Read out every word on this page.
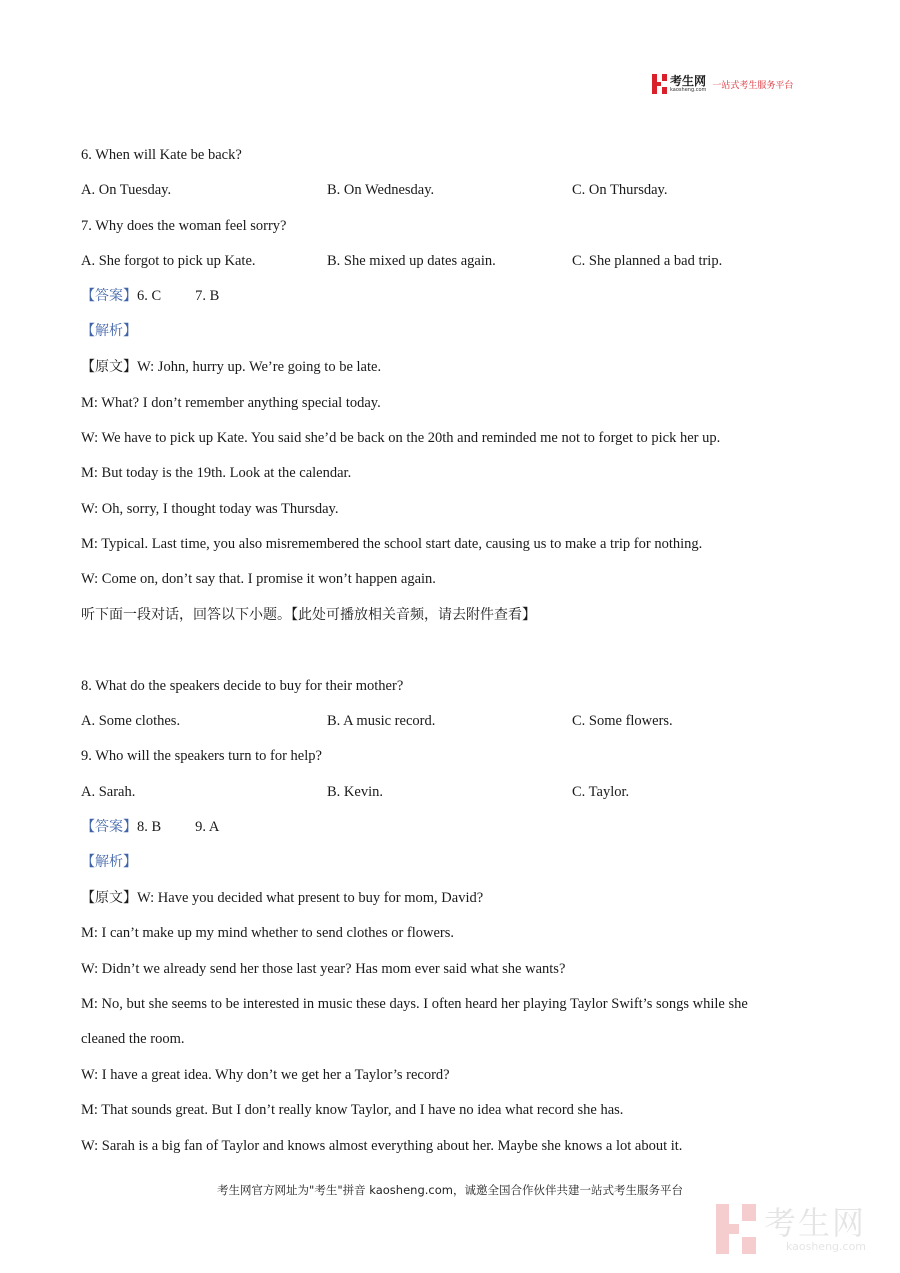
考生网
kaosheng.com 一站式考生服务平台
6. When will Kate be back?
A. On Tuesday.	B. On Wednesday.	C. On Thursday.
7. Why does the woman feel sorry?
A. She forgot to pick up Kate.	B. She mixed up dates again.	C. She planned a bad trip.
【答案】6. C 7. B
【解析】
【原文】W: John, hurry up. We’re going to be late.
M: What? I don’t remember anything special today.
W: We have to pick up Kate. You said she’d be back on the 20th and reminded me not to forget to pick her up.
M: But today is the 19th. Look at the calendar.
W: Oh, sorry, I thought today was Thursday.
M: Typical. Last time, you also misremembered the school start date, causing us to make a trip for nothing.
W: Come on, don’t say that. I promise it won’t happen again.
听下面一段对话，回答以下小题。【此处可播放相关音频，请去附件查看】
8. What do the speakers decide to buy for their mother?
A. Some clothes.	B. A music record.	C. Some flowers.
9. Who will the speakers turn to for help?
A. Sarah.	B. Kevin.	C. Taylor.
【答案】8. B 9. A
【解析】
【原文】W: Have you decided what present to buy for mom, David?
M: I can’t make up my mind whether to send clothes or flowers.
W: Didn’t we already send her those last year? Has mom ever said what she wants?
M: No, but she seems to be interested in music these days. I often heard her playing Taylor Swift’s songs while she
cleaned the room.
W: I have a great idea. Why don’t we get her a Taylor’s record?
M: That sounds great. But I don’t really know Taylor, and I have no idea what record she has.
W: Sarah is a big fan of Taylor and knows almost everything about her. Maybe she knows a lot about it.
考生网官方网址为"考生"拼音 kaosheng.com，诚邀全国合作伙伴共建一站式考生服务平台
考生网
kaosheng.com
